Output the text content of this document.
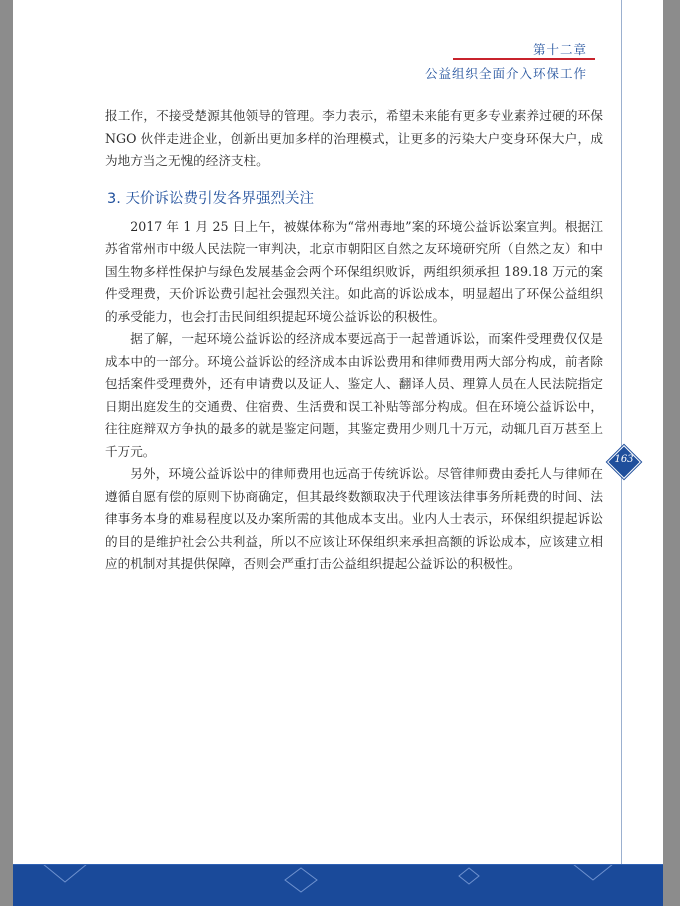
第十二章

公益组织全面介入环保工作

报工作，不接受楚源其他领导的管理。李力表示，希望未来能有更多专业素养过硬的环保 NGO 伙伴走进企业，创新出更加多样的治理模式，让更多的污染大户变身环保大户，成为地方当之无愧的经济支柱。

3. 天价诉讼费引发各界强烈关注

2017 年 1 月 25 日上午，被媒体称为“常州毒地”案的环境公益诉讼案宣判。根据江苏省常州市中级人民法院一审判决，北京市朝阳区自然之友环境研究所（自然之友）和中国生物多样性保护与绿色发展基金会两个环保组织败诉，两组织须承担 189.18 万元的案件受理费，天价诉讼费引起社会强烈关注。如此高的诉讼成本，明显超出了环保公益组织的承受能力，也会打击民间组织提起环境公益诉讼的积极性。

据了解，一起环境公益诉讼的经济成本要远高于一起普通诉讼，而案件受理费仅仅是成本中的一部分。环境公益诉讼的经济成本由诉讼费用和律师费用两大部分构成，前者除包括案件受理费外，还有申请费以及证人、鉴定人、翻译人员、理算人员在人民法院指定日期出庭发生的交通费、住宿费、生活费和误工补贴等部分构成。但在环境公益诉讼中，往往庭辩双方争执的最多的就是鉴定问题，其鉴定费用少则几十万元，动辄几百万甚至上千万元。

另外，环境公益诉讼中的律师费用也远高于传统诉讼。尽管律师费由委托人与律师在遵循自愿有偿的原则下协商确定，但其最终数额取决于代理该法律事务所耗费的时间、法律事务本身的难易程度以及办案所需的其他成本支出。业内人士表示，环保组织提起诉讼的目的是维护社会公共利益，所以不应该让环保组织来承担高额的诉讼成本，应该建立相应的机制对其提供保障，否则会严重打击公益组织提起公益诉讼的积极性。

163
